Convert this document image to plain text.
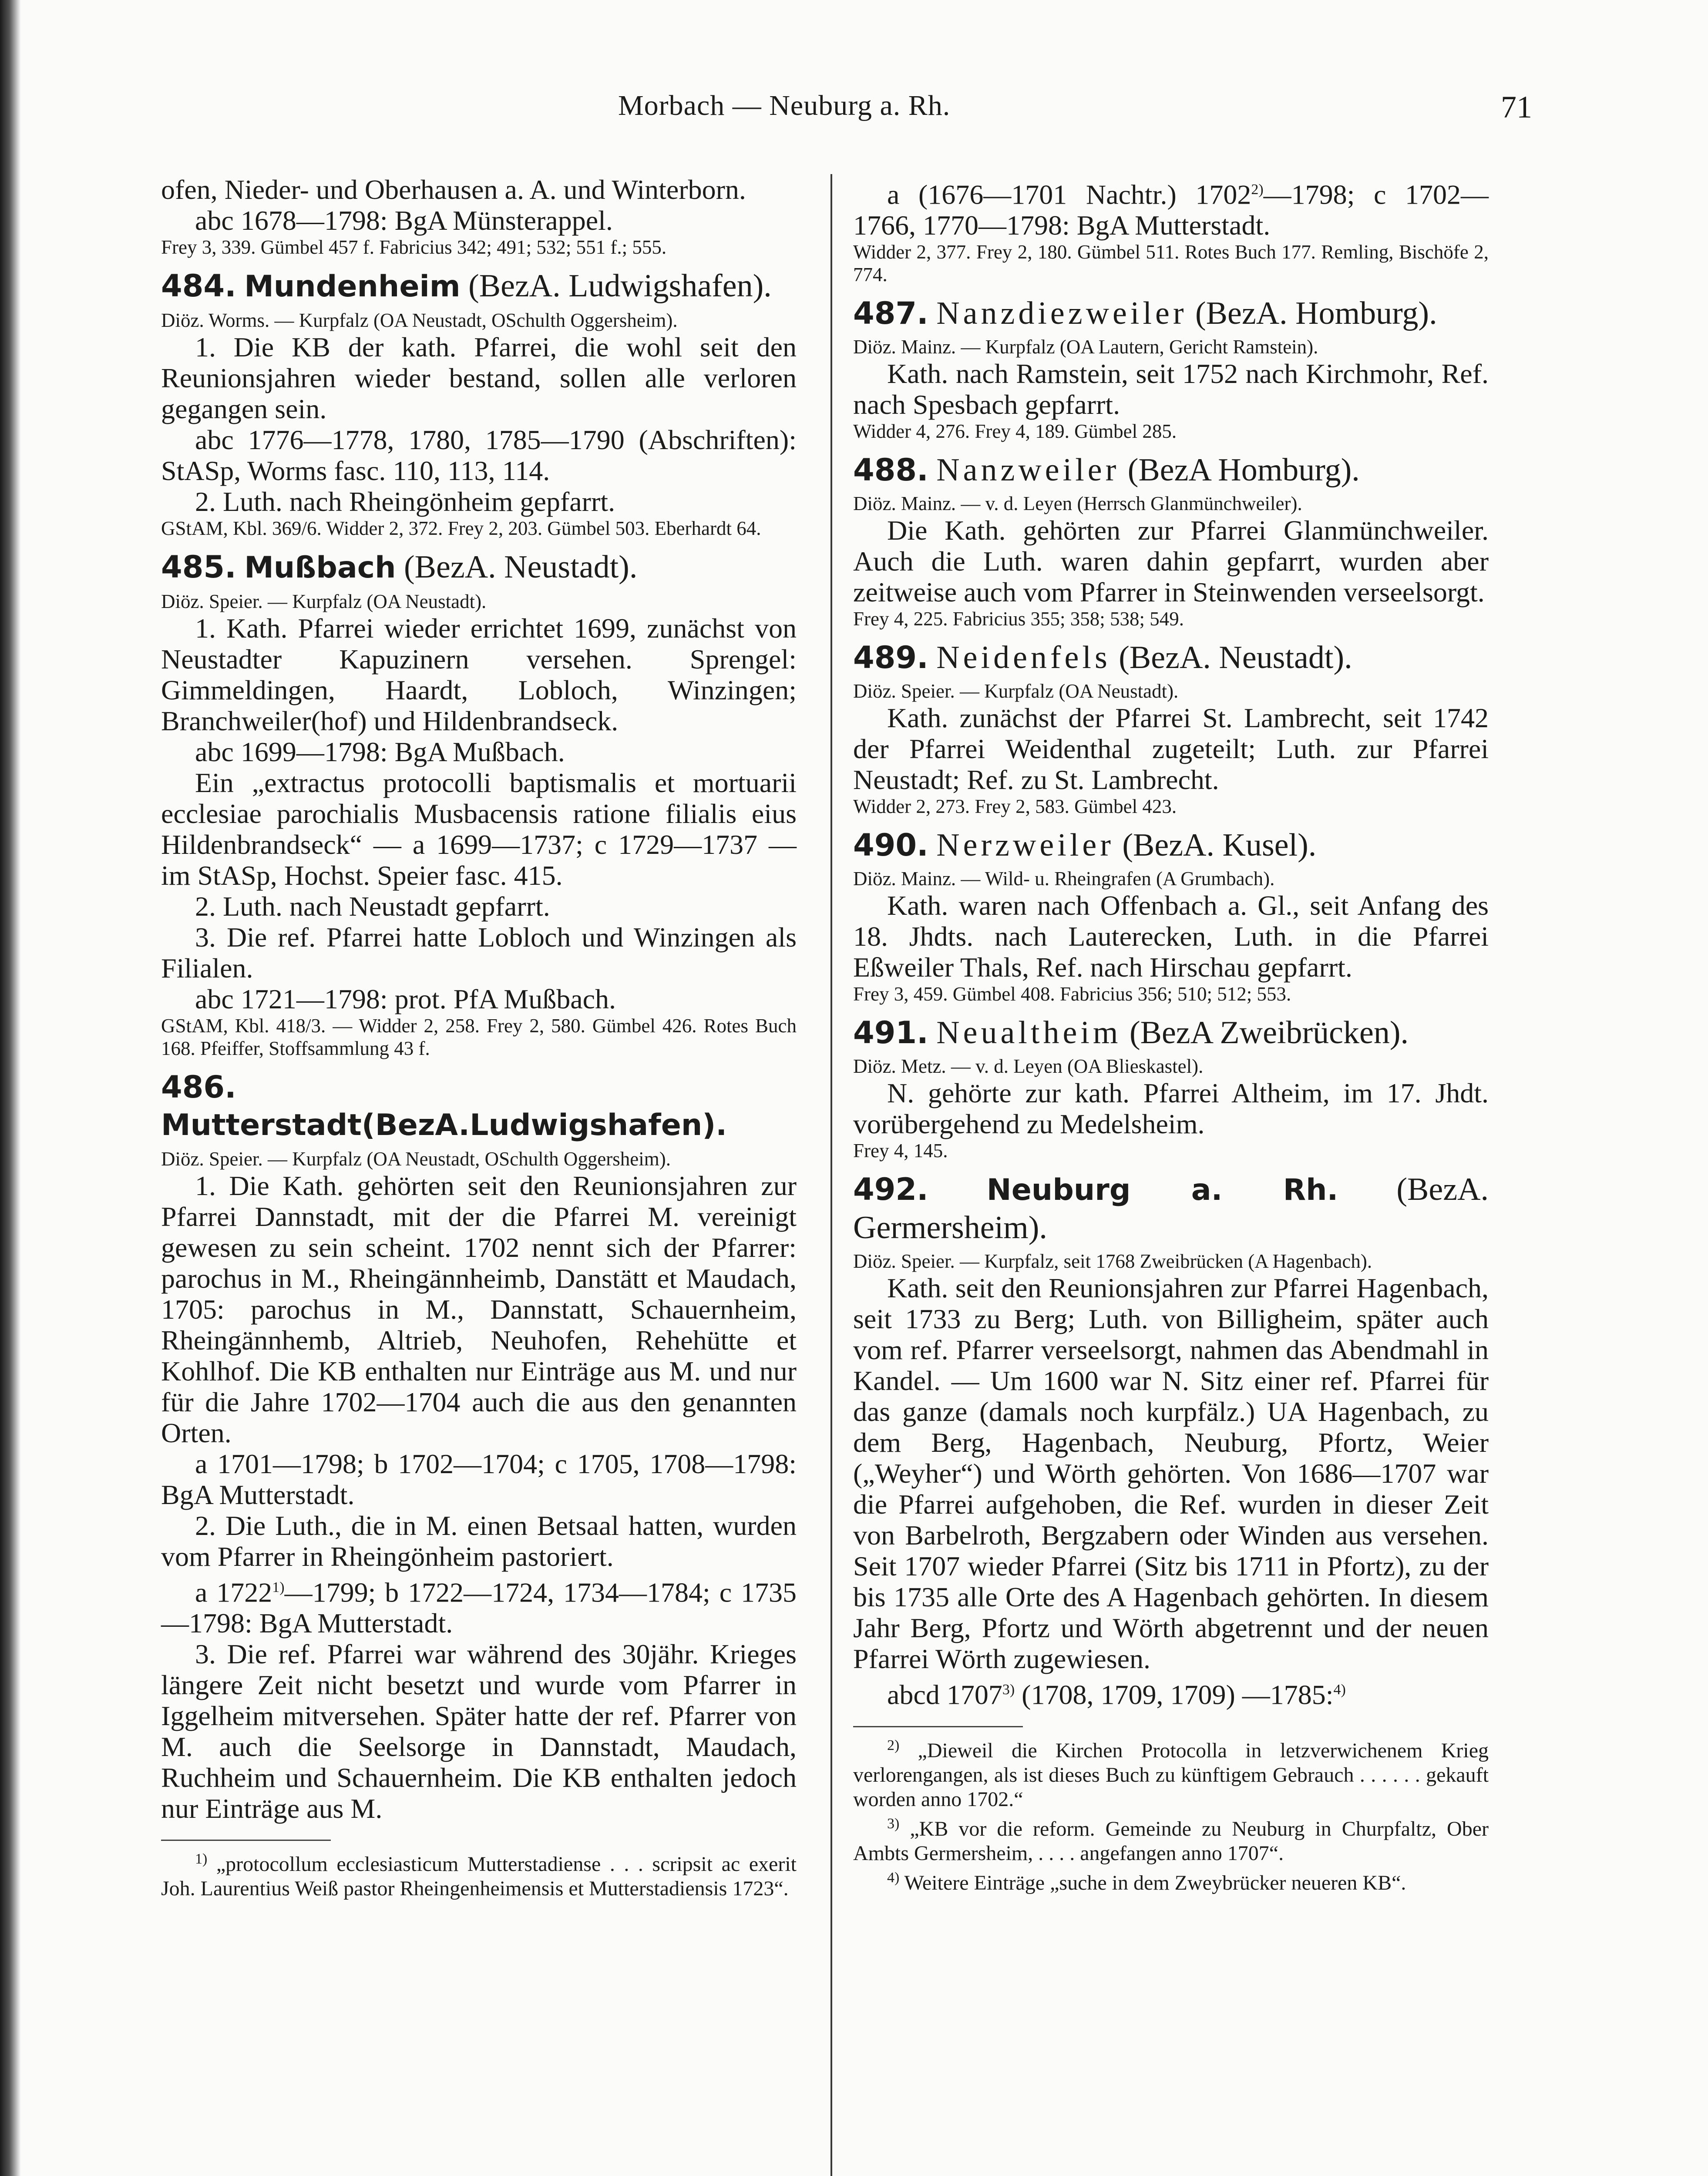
Morbach — Neuburg a. Rh.	71

ofen, Nieder- und Oberhausen a. A. und Winterborn.

abc 1678—1798: BgA Münsterappel.

Frey 3, 339. Gümbel 457 f. Fabricius 342; 491; 532; 551 f.; 555.

484. Mundenheim (BezA. Ludwigshafen).

Diöz. Worms. — Kurpfalz (OA Neustadt, OSchulth Oggersheim).

1. Die KB der kath. Pfarrei, die wohl seit den Reunionsjahren wieder bestand, sollen alle verloren gegangen sein.

abc 1776—1778, 1780, 1785—1790 (Abschriften): StASp, Worms fasc. 110, 113, 114.

2. Luth. nach Rheingönheim gepfarrt.

GStAM, Kbl. 369/6. Widder 2, 372. Frey 2, 203. Gümbel 503. Eberhardt 64.

485. Mußbach (BezA. Neustadt).

Diöz. Speier. — Kurpfalz (OA Neustadt).

1. Kath. Pfarrei wieder errichtet 1699, zunächst von Neustadter Kapuzinern versehen. Sprengel: Gimmeldingen, Haardt, Lobloch, Winzingen; Branchweiler(hof) und Hildenbrandseck.

abc 1699—1798: BgA Mußbach.

Ein „extractus protocolli baptismalis et mortuarii ecclesiae parochialis Musbacensis ratione filialis eius Hildenbrandseck“ — a 1699—1737; c 1729—1737 — im StASp, Hochst. Speier fasc. 415.

2. Luth. nach Neustadt gepfarrt.

3. Die ref. Pfarrei hatte Lobloch und Winzingen als Filialen.

abc 1721—1798: prot. PfA Mußbach.

GStAM, Kbl. 418/3. — Widder 2, 258. Frey 2, 580. Gümbel 426. Rotes Buch 168. Pfeiffer, Stoffsammlung 43 f.

486. Mutterstadt(BezA.Ludwigshafen).

Diöz. Speier. — Kurpfalz (OA Neustadt, OSchulth Oggersheim).

1. Die Kath. gehörten seit den Reunionsjahren zur Pfarrei Dannstadt, mit der die Pfarrei M. vereinigt gewesen zu sein scheint. 1702 nennt sich der Pfarrer: parochus in M., Rheingännheimb, Danstätt et Maudach, 1705: parochus in M., Dannstatt, Schauernheim, Rheingännhemb, Altrieb, Neuhofen, Rehehütte et Kohlhof. Die KB enthalten nur Einträge aus M. und nur für die Jahre 1702—1704 auch die aus den genannten Orten.

a 1701—1798; b 1702—1704; c 1705, 1708—1798: BgA Mutterstadt.

2. Die Luth., die in M. einen Betsaal hatten, wurden vom Pfarrer in Rheingönheim pastoriert.

a 1722$^{1)}$—1799; b 1722—1724, 1734—1784; c 1735—1798: BgA Mutterstadt.

3. Die ref. Pfarrei war während des 30jähr. Krieges längere Zeit nicht besetzt und wurde vom Pfarrer in Iggelheim mitversehen. Später hatte der ref. Pfarrer von M. auch die Seelsorge in Dannstadt, Maudach, Ruchheim und Schauernheim. Die KB enthalten jedoch nur Einträge aus M.

$^{1)}$ „protocollum ecclesiasticum Mutterstadiense . . . scripsit ac exerit Joh. Laurentius Weiß pastor Rheingenheimensis et Mutterstadiensis 1723“.

a (1676—1701 Nachtr.) 1702$^{2)}$—1798; c 1702—1766, 1770—1798: BgA Mutterstadt.

Widder 2, 377. Frey 2, 180. Gümbel 511. Rotes Buch 177. Remling, Bischöfe 2, 774.

487. Nanzdiezweiler (BezA. Homburg).

Diöz. Mainz. — Kurpfalz (OA Lautern, Gericht Ramstein).

Kath. nach Ramstein, seit 1752 nach Kirchmohr, Ref. nach Spesbach gepfarrt.

Widder 4, 276. Frey 4, 189. Gümbel 285.

488. Nanzweiler (BezA Homburg).

Diöz. Mainz. — v. d. Leyen (Herrsch Glanmünchweiler).

Die Kath. gehörten zur Pfarrei Glanmünchweiler. Auch die Luth. waren dahin gepfarrt, wurden aber zeitweise auch vom Pfarrer in Steinwenden verseelsorgt.

Frey 4, 225. Fabricius 355; 358; 538; 549.

489. Neidenfels (BezA. Neustadt).

Diöz. Speier. — Kurpfalz (OA Neustadt).

Kath. zunächst der Pfarrei St. Lambrecht, seit 1742 der Pfarrei Weidenthal zugeteilt; Luth. zur Pfarrei Neustadt; Ref. zu St. Lambrecht.

Widder 2, 273. Frey 2, 583. Gümbel 423.

490. Nerzweiler (BezA. Kusel).

Diöz. Mainz. — Wild- u. Rheingrafen (A Grumbach).

Kath. waren nach Offenbach a. Gl., seit Anfang des 18. Jhdts. nach Lauterecken, Luth. in die Pfarrei Eßweiler Thals, Ref. nach Hirschau gepfarrt.

Frey 3, 459. Gümbel 408. Fabricius 356; 510; 512; 553.

491. Neualtheim (BezA Zweibrücken).

Diöz. Metz. — v. d. Leyen (OA Blieskastel).

N. gehörte zur kath. Pfarrei Altheim, im 17. Jhdt. vorübergehend zu Medelsheim.

Frey 4, 145.

492. Neuburg a. Rh. (BezA. Germersheim).

Diöz. Speier. — Kurpfalz, seit 1768 Zweibrücken (A Hagenbach).

Kath. seit den Reunionsjahren zur Pfarrei Hagenbach, seit 1733 zu Berg; Luth. von Billigheim, später auch vom ref. Pfarrer verseelsorgt, nahmen das Abendmahl in Kandel. — Um 1600 war N. Sitz einer ref. Pfarrei für das ganze (damals noch kurpfälz.) UA Hagenbach, zu dem Berg, Hagenbach, Neuburg, Pfortz, Weier („Weyher“) und Wörth gehörten. Von 1686—1707 war die Pfarrei aufgehoben, die Ref. wurden in dieser Zeit von Barbelroth, Bergzabern oder Winden aus versehen. Seit 1707 wieder Pfarrei (Sitz bis 1711 in Pfortz), zu der bis 1735 alle Orte des A Hagenbach gehörten. In diesem Jahr Berg, Pfortz und Wörth abgetrennt und der neuen Pfarrei Wörth zugewiesen.

abcd 1707$^{3)}$ (1708, 1709, 1709) —1785:$^{4)}$

$^{2)}$ „Dieweil die Kirchen Protocolla in letzverwichenem Krieg verlorengangen, als ist dieses Buch zu künftigem Gebrauch . . . . . . gekauft worden anno 1702.“

$^{3)}$ „KB vor die reform. Gemeinde zu Neuburg in Churpfaltz, Ober Ambts Germersheim, . . . . angefangen anno 1707“.

$^{4)}$ Weitere Einträge „suche in dem Zweybrücker neueren KB“.
